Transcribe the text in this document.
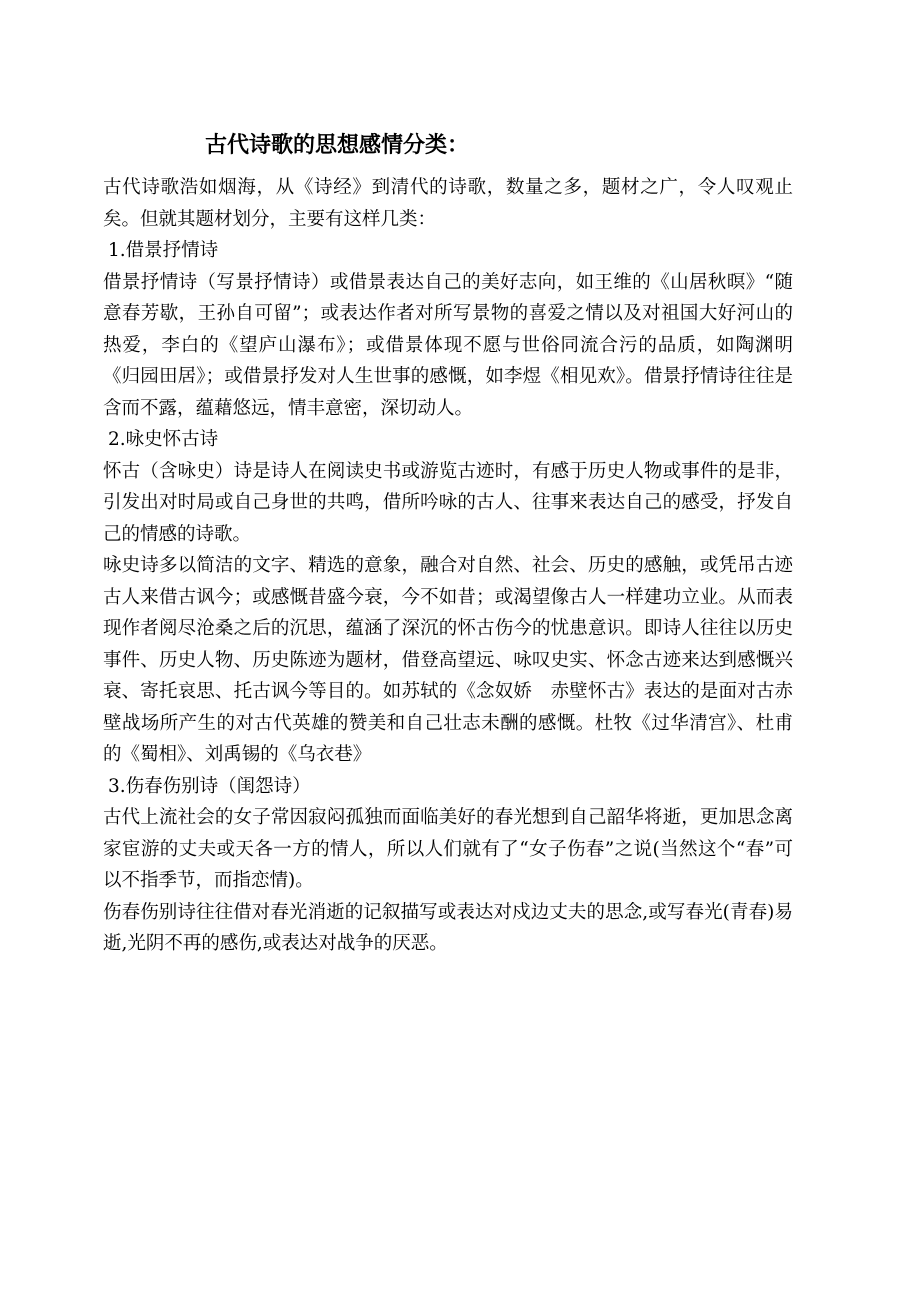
古代诗歌的思想感情分类：

古代诗歌浩如烟海，从《诗经》到清代的诗歌，数量之多，题材之广，令人叹观止矣。但就其题材划分，主要有这样几类：

1.借景抒情诗

借景抒情诗（写景抒情诗）或借景表达自己的美好志向，如王维的《山居秋暝》“随意春芳歇，王孙自可留”；或表达作者对所写景物的喜爱之情以及对祖国大好河山的热爱，李白的《望庐山瀑布》；或借景体现不愿与世俗同流合污的品质，如陶渊明《归园田居》；或借景抒发对人生世事的感慨，如李煜《相见欢》。借景抒情诗往往是含而不露，蕴藉悠远，情丰意密，深切动人。

2.咏史怀古诗

怀古（含咏史）诗是诗人在阅读史书或游览古迹时，有感于历史人物或事件的是非，引发出对时局或自己身世的共鸣，借所吟咏的古人、往事来表达自己的感受，抒发自己的情感的诗歌。

咏史诗多以简洁的文字、精选的意象，融合对自然、社会、历史的感触，或凭吊古迹古人来借古讽今；或感慨昔盛今衰，今不如昔；或渴望像古人一样建功立业。从而表现作者阅尽沧桑之后的沉思，蕴涵了深沉的怀古伤今的忧患意识。即诗人往往以历史事件、历史人物、历史陈迹为题材，借登高望远、咏叹史实、怀念古迹来达到感慨兴衰、寄托哀思、托古讽今等目的。如苏轼的《念奴娇　赤壁怀古》表达的是面对古赤壁战场所产生的对古代英雄的赞美和自己壮志未酬的感慨。杜牧《过华清宫》、杜甫的《蜀相》、刘禹锡的《乌衣巷》

3.伤春伤别诗（闺怨诗）

古代上流社会的女子常因寂闷孤独而面临美好的春光想到自己韶华将逝，更加思念离家宦游的丈夫或天各一方的情人，所以人们就有了“女子伤春”之说(当然这个“春”可以不指季节，而指恋情)。

伤春伤别诗往往借对春光消逝的记叙描写或表达对戍边丈夫的思念,或写春光(青春)易逝,光阴不再的感伤,或表达对战争的厌恶。
